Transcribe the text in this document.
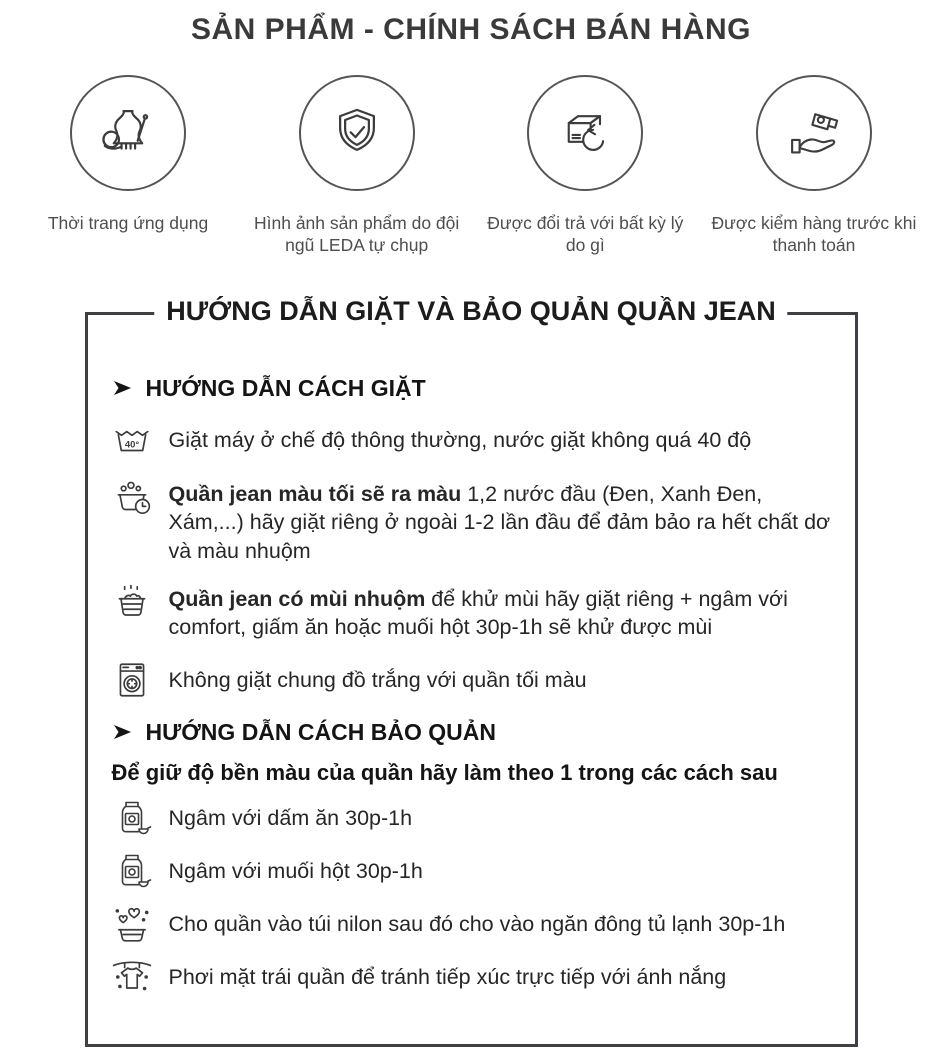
SẢN PHẨM - CHÍNH SÁCH BÁN HÀNG
Thời trang ứng dụng	Hình ảnh sản phẩm do đội ngũ LEDA tự chụp
Được đổi trả với bất kỳ lý do gì
Được kiểm hàng trước khi thanh toán
HƯỚNG DẪN GIẶT VÀ BẢO QUẢN QUẦN JEAN
HƯỚNG DẪN CÁCH GIẶT
40° Giặt máy ở chế độ thông thường, nước giặt không quá 40 độ
Quần jean màu tối sẽ ra màu 1,2 nước đầu (Đen, Xanh Đen, Xám,...) hãy giặt riêng ở ngoài 1-2 lần đầu để đảm bảo ra hết chất dơ và màu nhuộm
Quần jean có mùi nhuộm để khử mùi hãy giặt riêng + ngâm với comfort, giấm ăn hoặc muối hột 30p-1h sẽ khử được mùi
Không giặt chung đồ trắng với quần tối màu
HƯỚNG DẪN CÁCH BẢO QUẢN
Để giữ độ bền màu của quần hãy làm theo 1 trong các cách sau
Ngâm với dấm ăn 30p-1h
Ngâm với muối hột 30p-1h
Cho quần vào túi nilon sau đó cho vào ngăn đông tủ lạnh 30p-1h
Phơi mặt trái quần để tránh tiếp xúc trực tiếp với ánh nắng
